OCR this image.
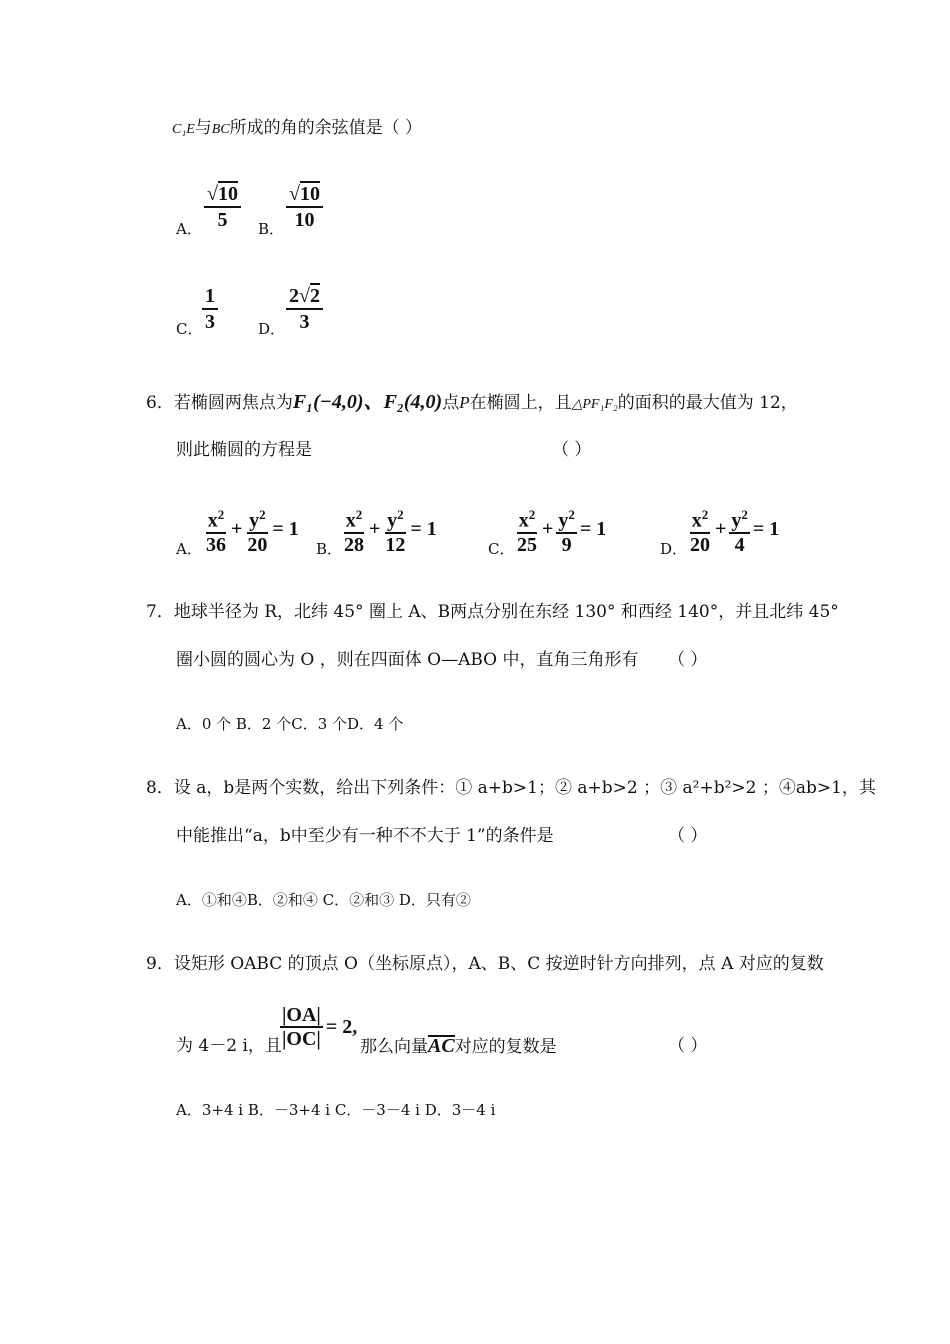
C₁E与BC所成的角的余弦值是（ ）
A． $\frac{√10}{5}$ B． $\frac{√10}{10}$
C． $\frac{1}{3}$	D． $\frac{2√2}{3}$
6．若椭圆两焦点为F₁(−4,0)、F₂(4,0)点P在椭圆上，且△PF₁F₂的面积的最大值为 12，
则此椭圆的方程是	（ ）
A．
$x^2$
36
+ $\frac{y^2}{20} = 1$
B．
$x^2$
28
+ $\frac{y^2}{12} = 1$
C．
$x^2$
25
+ $\frac{y^2}{9} = 1$
D．
$x^2$
20
+ $\frac{y^2}{4} = 1$
7．地球半径为 R，北纬 45° 圈上 A、B两点分别在东经 130° 和西经 140°，并且北纬 45°
圈小圆的圆心为 O ，则在四面体 O—ABO 中，直角三角形有 （ ）
A．0 个 B．2 个C．3 个D．4 个
8．设 a，b是两个实数，给出下列条件：① a+b>1；② a+b>2 ；③ a²+b²>2 ；④ab>1，其
中能推出“a，b中至少有一种不不大于 1”的条件是	（ ）
A．①和④B．②和④ C．②和③ D．只有②
9．设矩形 OABC 的顶点 O（坐标原点），A、B、C 按逆时针方向排列，点 A 对应的复数
为 4－2 i，且
$\frac{|OA|}{|OC|} = 2$,
那么向量AC对应的复数是	（ ）
A．3+4 i B．－3+4 i C．－3－4 i D．3－4 i
